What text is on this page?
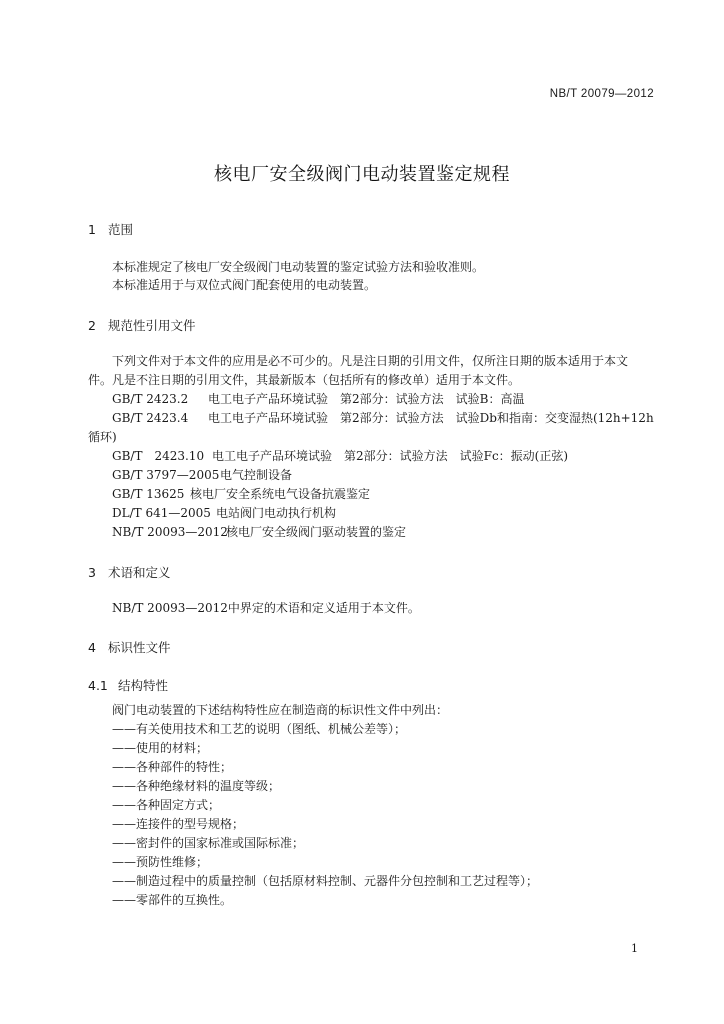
NB/T 20079—2012
核电厂安全级阀门电动装置鉴定规程
1 范围
本标准规定了核电厂安全级阀门电动装置的鉴定试验方法和验收准则。
本标准适用于与双位式阀门配套使用的电动装置。
2 规范性引用文件
下列文件对于本文件的应用是必不可少的。凡是注日期的引用文件，仅所注日期的版本适用于本文
件。凡是不注日期的引用文件，其最新版本（包括所有的修改单）适用于本文件。
GB/T 2423.2 电工电子产品环境试验　第2部分：试验方法　试验B：高温
GB/T 2423.4 电工电子产品环境试验　第2部分：试验方法　试验Db和指南：交变湿热(12h+12h
循环)
GB/T　2423.10 电工电子产品环境试验　第2部分：试验方法　试验Fc：振动(正弦)
GB/T 3797—2005电气控制设备
GB/T 13625 核电厂安全系统电气设备抗震鉴定
DL/T 641—2005 电站阀门电动执行机构
NB/T 20093—2012核电厂安全级阀门驱动装置的鉴定
3 术语和定义
NB/T 20093—2012中界定的术语和定义适用于本文件。
4 标识性文件
4.1 结构特性
阀门电动装置的下述结构特性应在制造商的标识性文件中列出：
——有关使用技术和工艺的说明（图纸、机械公差等）；
——使用的材料；
——各种部件的特性；
——各种绝缘材料的温度等级；
——各种固定方式；
——连接件的型号规格；
——密封件的国家标准或国际标准；
——预防性维修；
——制造过程中的质量控制（包括原材料控制、元器件分包控制和工艺过程等）；
——零部件的互换性。
1
